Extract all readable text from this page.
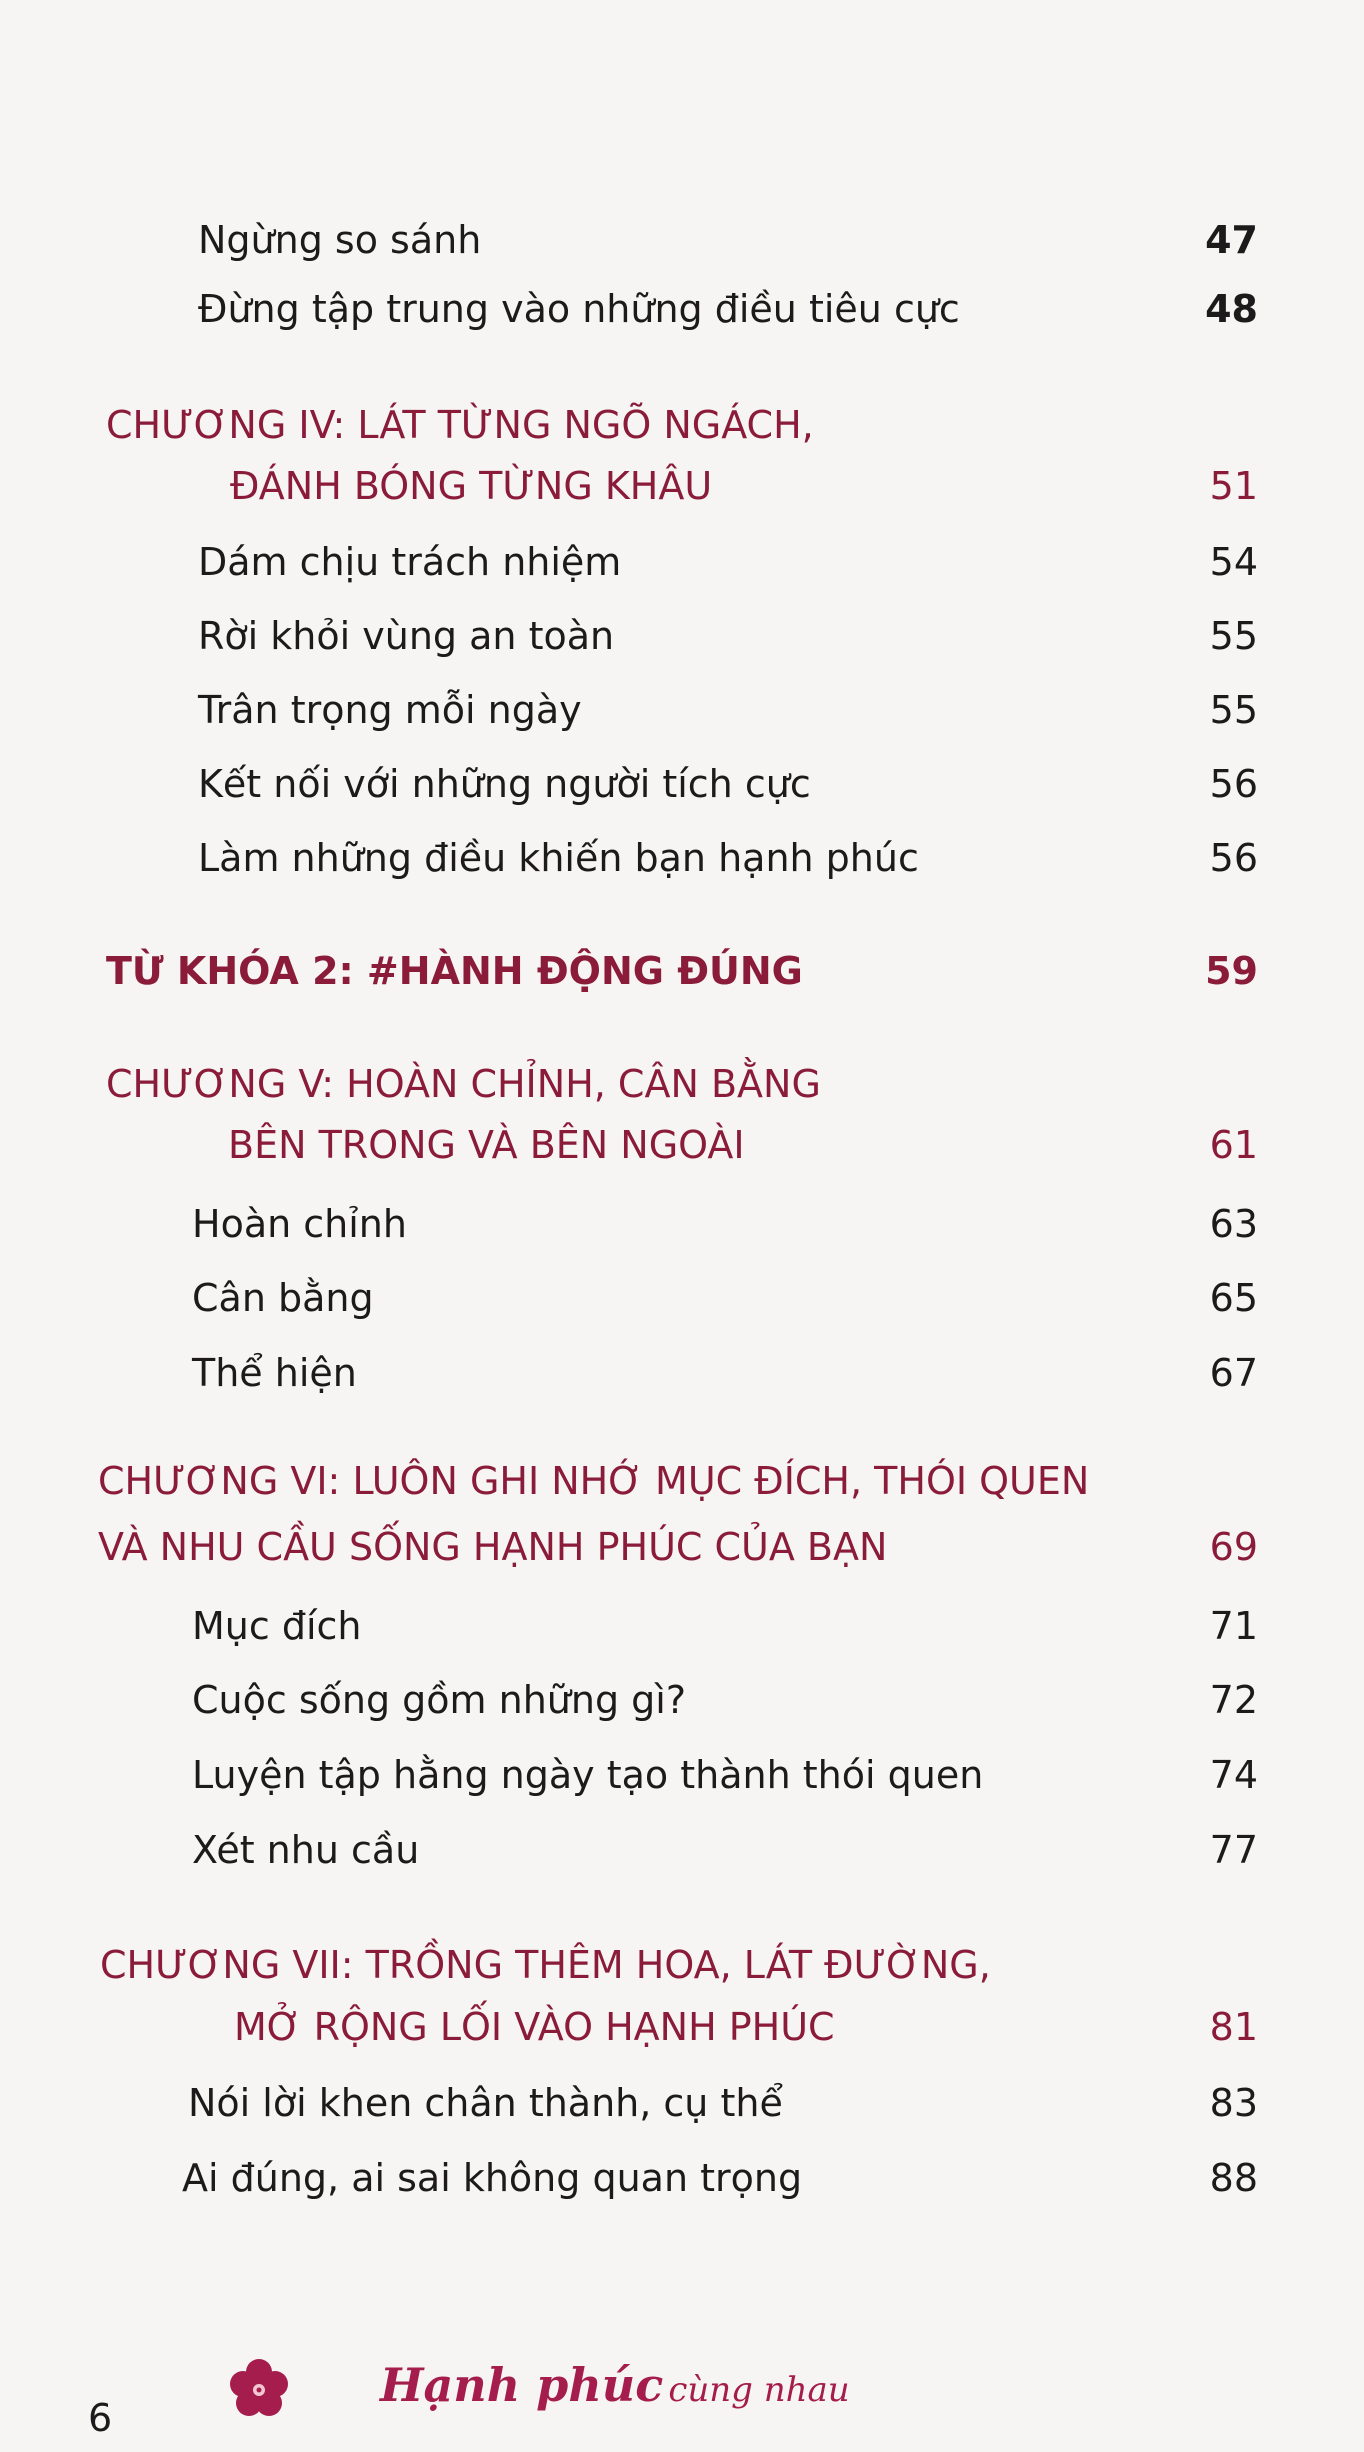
Ngừng so sánh	47
Đừng tập trung vào những điều tiêu cực	48
CHƯƠNG IV: LÁT TỪNG NGÕ NGÁCH,
ĐÁNH BÓNG TỪNG KHÂU	51
Dám chịu trách nhiệm	54
Rời khỏi vùng an toàn	55
Trân trọng mỗi ngày	55
Kết nối với những người tích cực	56
Làm những điều khiến bạn hạnh phúc	56
TỪ KHÓA 2: #HÀNH ĐỘNG ĐÚNG	59
CHƯƠNG V: HOÀN CHỈNH, CÂN BẰNG
BÊN TRONG VÀ BÊN NGOÀI	61
Hoàn chỉnh	63
Cân bằng	65
Thể hiện	67
CHƯƠNG VI: LUÔN GHI NHỚ MỤC ĐÍCH, THÓI QUEN
VÀ NHU CẦU SỐNG HẠNH PHÚC CỦA BẠN	69
Mục đích	71
Cuộc sống gồm những gì?	72
Luyện tập hằng ngày tạo thành thói quen	74
Xét nhu cầu	77
CHƯƠNG VII: TRỒNG THÊM HOA, LÁT ĐƯỜNG,
MỞ RỘNG LỐI VÀO HẠNH PHÚC	81
Nói lời khen chân thành, cụ thể	83
Ai đúng, ai sai không quan trọng	88
6
Hạnh phúc cùng nhau
